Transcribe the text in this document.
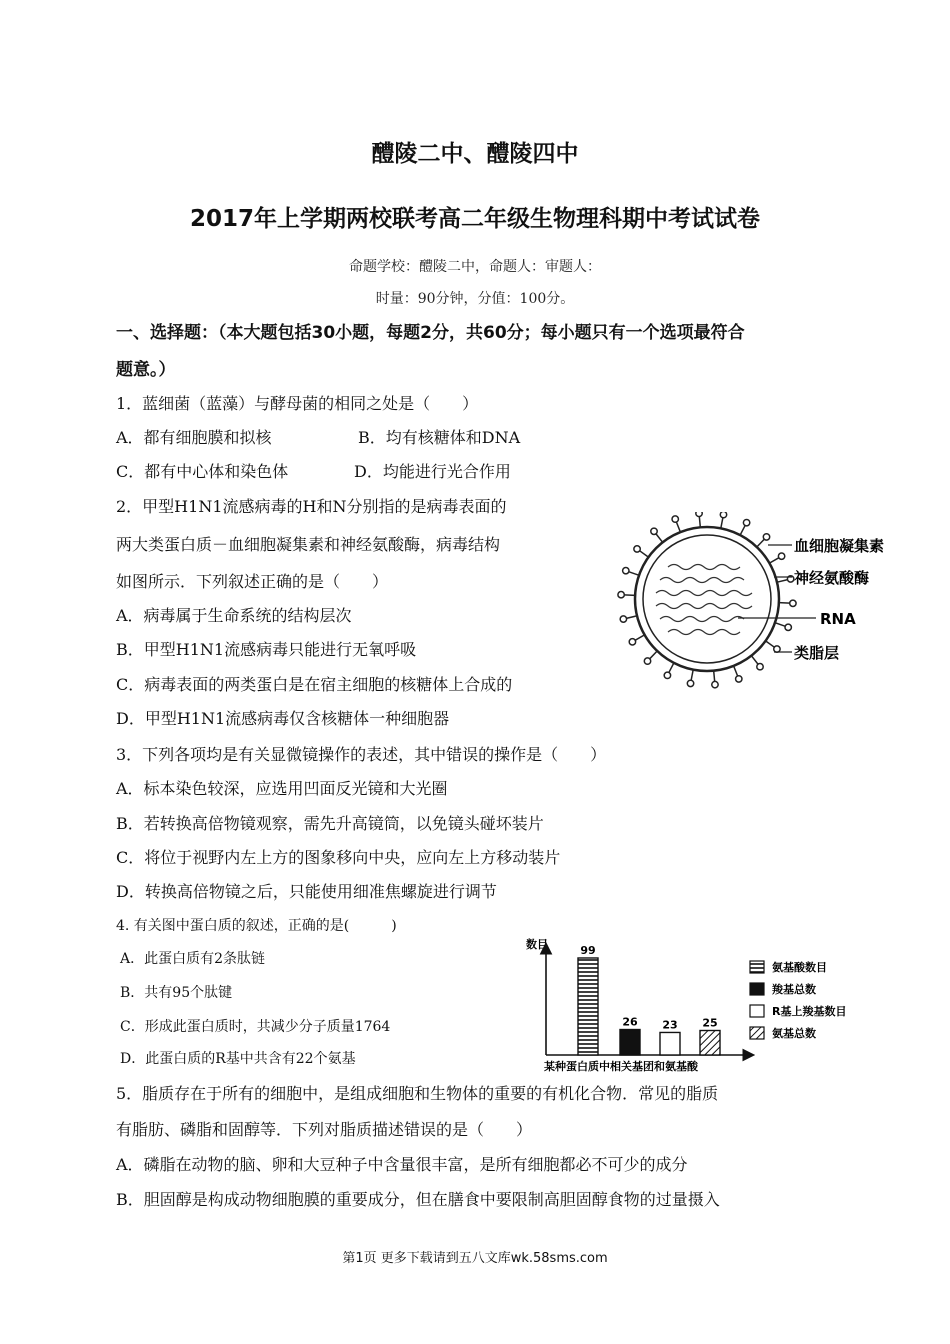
醴陵二中、醴陵四中
2017年上学期两校联考高二年级生物理科期中考试试卷
命题学校：醴陵二中，命题人：审题人：
时量：90分钟，分值：100分。
一、选择题：（本大题包括30小题，每题2分，共60分；每小题只有一个选项最符合
题意。）
1．蓝细菌（蓝藻）与酵母菌的相同之处是（　　）
A．都有细胞膜和拟核	B．均有核糖体和DNA
C．都有中心体和染色体	D．均能进行光合作用
2．甲型H1N1流感病毒的H和N分别指的是病毒表面的
两大类蛋白质－血细胞凝集素和神经氨酸酶，病毒结构
如图所示．下列叙述正确的是（　　）
A．病毒属于生命系统的结构层次
B．甲型H1N1流感病毒只能进行无氧呼吸
C．病毒表面的两类蛋白是在宿主细胞的核糖体上合成的
D．甲型H1N1流感病毒仅含核糖体一种细胞器
血细胞凝集素
神经氨酸酶
RNA
类脂层
3．下列各项均是有关显微镜操作的表述，其中错误的操作是（　　）
A．标本染色较深，应选用凹面反光镜和大光圈
B．若转换高倍物镜观察，需先升高镜筒，以免镜头碰坏装片
C．将位于视野内左上方的图象移向中央，应向左上方移动装片
D．转换高倍物镜之后，只能使用细准焦螺旋进行调节
4. 有关图中蛋白质的叙述，正确的是(　　　)
A．此蛋白质有2条肽链
B．共有95个肽键
C．形成此蛋白质时，共减少分子质量1764
D．此蛋白质的R基中共含有22个氨基
数目	99
26 23 25
氨基酸数目
羧基总数
R基上羧基数目
氨基总数
某种蛋白质中相关基团和氨基酸
5．脂质存在于所有的细胞中，是组成细胞和生物体的重要的有机化合物．常见的脂质
有脂肪、磷脂和固醇等．下列对脂质描述错误的是（　　）
A．磷脂在动物的脑、卵和大豆种子中含量很丰富，是所有细胞都必不可少的成分
B．胆固醇是构成动物细胞膜的重要成分，但在膳食中要限制高胆固醇食物的过量摄入
第1页 更多下载请到五八文库wk.58sms.com
